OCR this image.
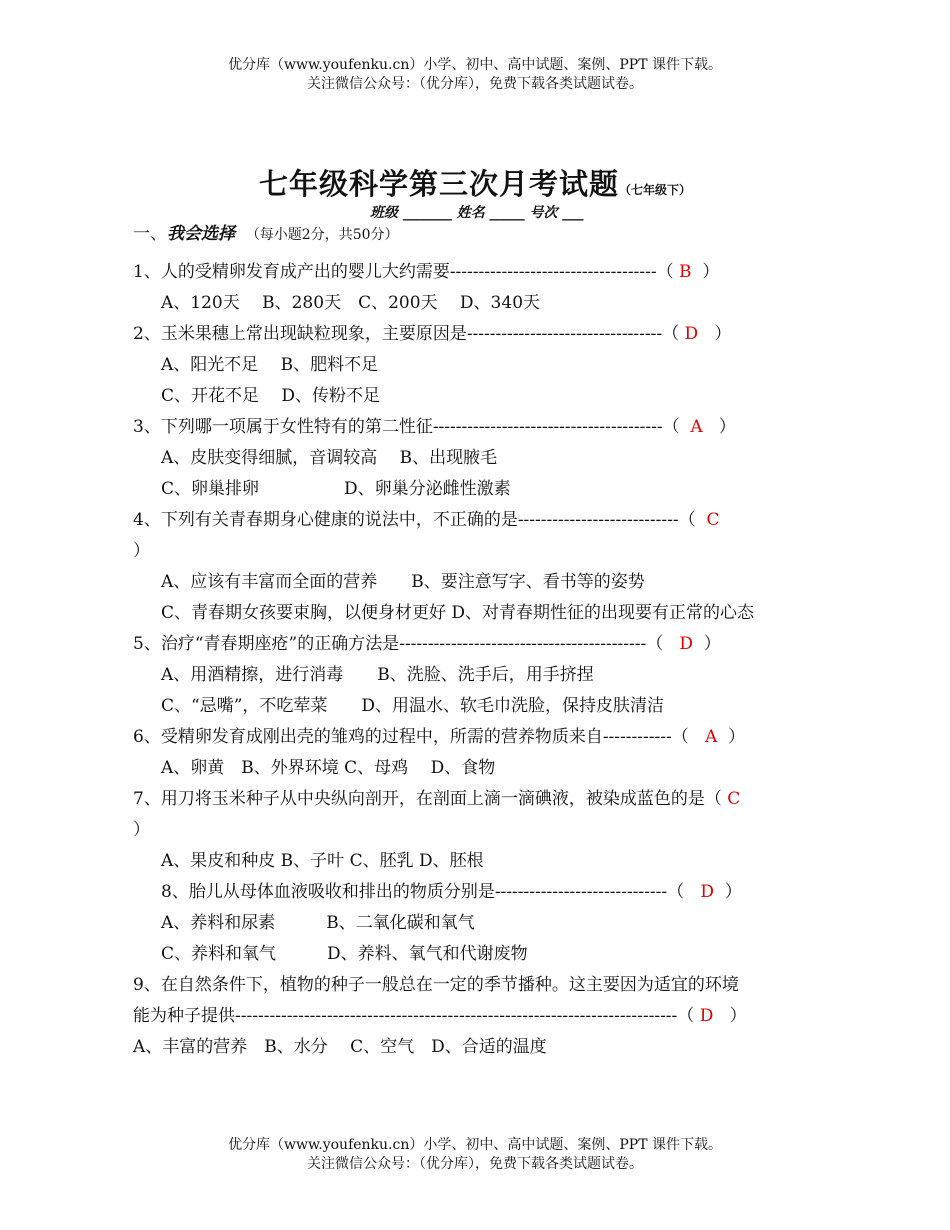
优分库（www.youfenku.cn）小学、初中、高中试题、案例、PPT 课件下载。
关注微信公众号：（优分库），免费下载各类试题试卷。
七年级科学第三次月考试题（七年级下）
班级 _______ 姓名 _____ 号次 ___
一、我会选择 （每小题2分，共50分）
1、人的受精卵发育成产出的婴儿大约需要------------------------------------（ B ）
A、120天　 B、280天　C、200天　 D、340天
2、玉米果穗上常出现缺粒现象，主要原因是----------------------------------（ D ）
A、阳光不足　 B、肥料不足
C、开花不足　 D、传粉不足
3、下列哪一项属于女性特有的第二性征----------------------------------------（ A ）
A、皮肤变得细腻，音调较高　 B、出现腋毛
C、卵巢排卵　　　　　D、卵巢分泌雌性激素
4、下列有关青春期身心健康的说法中，不正确的是----------------------------（ C
）
A、应该有丰富而全面的营养　　B、要注意写字、看书等的姿势
C、青春期女孩要束胸，以便身材更好 D、对青春期性征的出现要有正常的心态
5、治疗“青春期座疮”的正确方法是-------------------------------------------（ D ）
A、用酒精擦，进行消毒　　B、洗脸、洗手后，用手挤捏
C、“忌嘴”，不吃荤菜　　D、用温水、软毛巾洗脸，保持皮肤清洁
6、受精卵发育成刚出壳的雏鸡的过程中，所需的营养物质来自------------（ A ）
A、卵黄　B、外界环境 C、母鸡　 D、食物
7、用刀将玉米种子从中央纵向剖开，在剖面上滴一滴碘液，被染成蓝色的是（ C
）
A、果皮和种皮 B、子叶 C、胚乳 D、胚根
8、胎儿从母体血液吸收和排出的物质分别是------------------------------（ D ）
A、养料和尿素　　　B、二氧化碳和氧气
C、养料和氧气　　　D、养料、氧气和代谢废物
9、在自然条件下，植物的种子一般总在一定的季节播种。这主要因为适宜的环境
能为种子提供-----------------------------------------------------------------------------（ D ）
A、丰富的营养　B、水分　 C、空气　D、合适的温度
优分库（www.youfenku.cn）小学、初中、高中试题、案例、PPT 课件下载。
关注微信公众号：（优分库），免费下载各类试题试卷。
